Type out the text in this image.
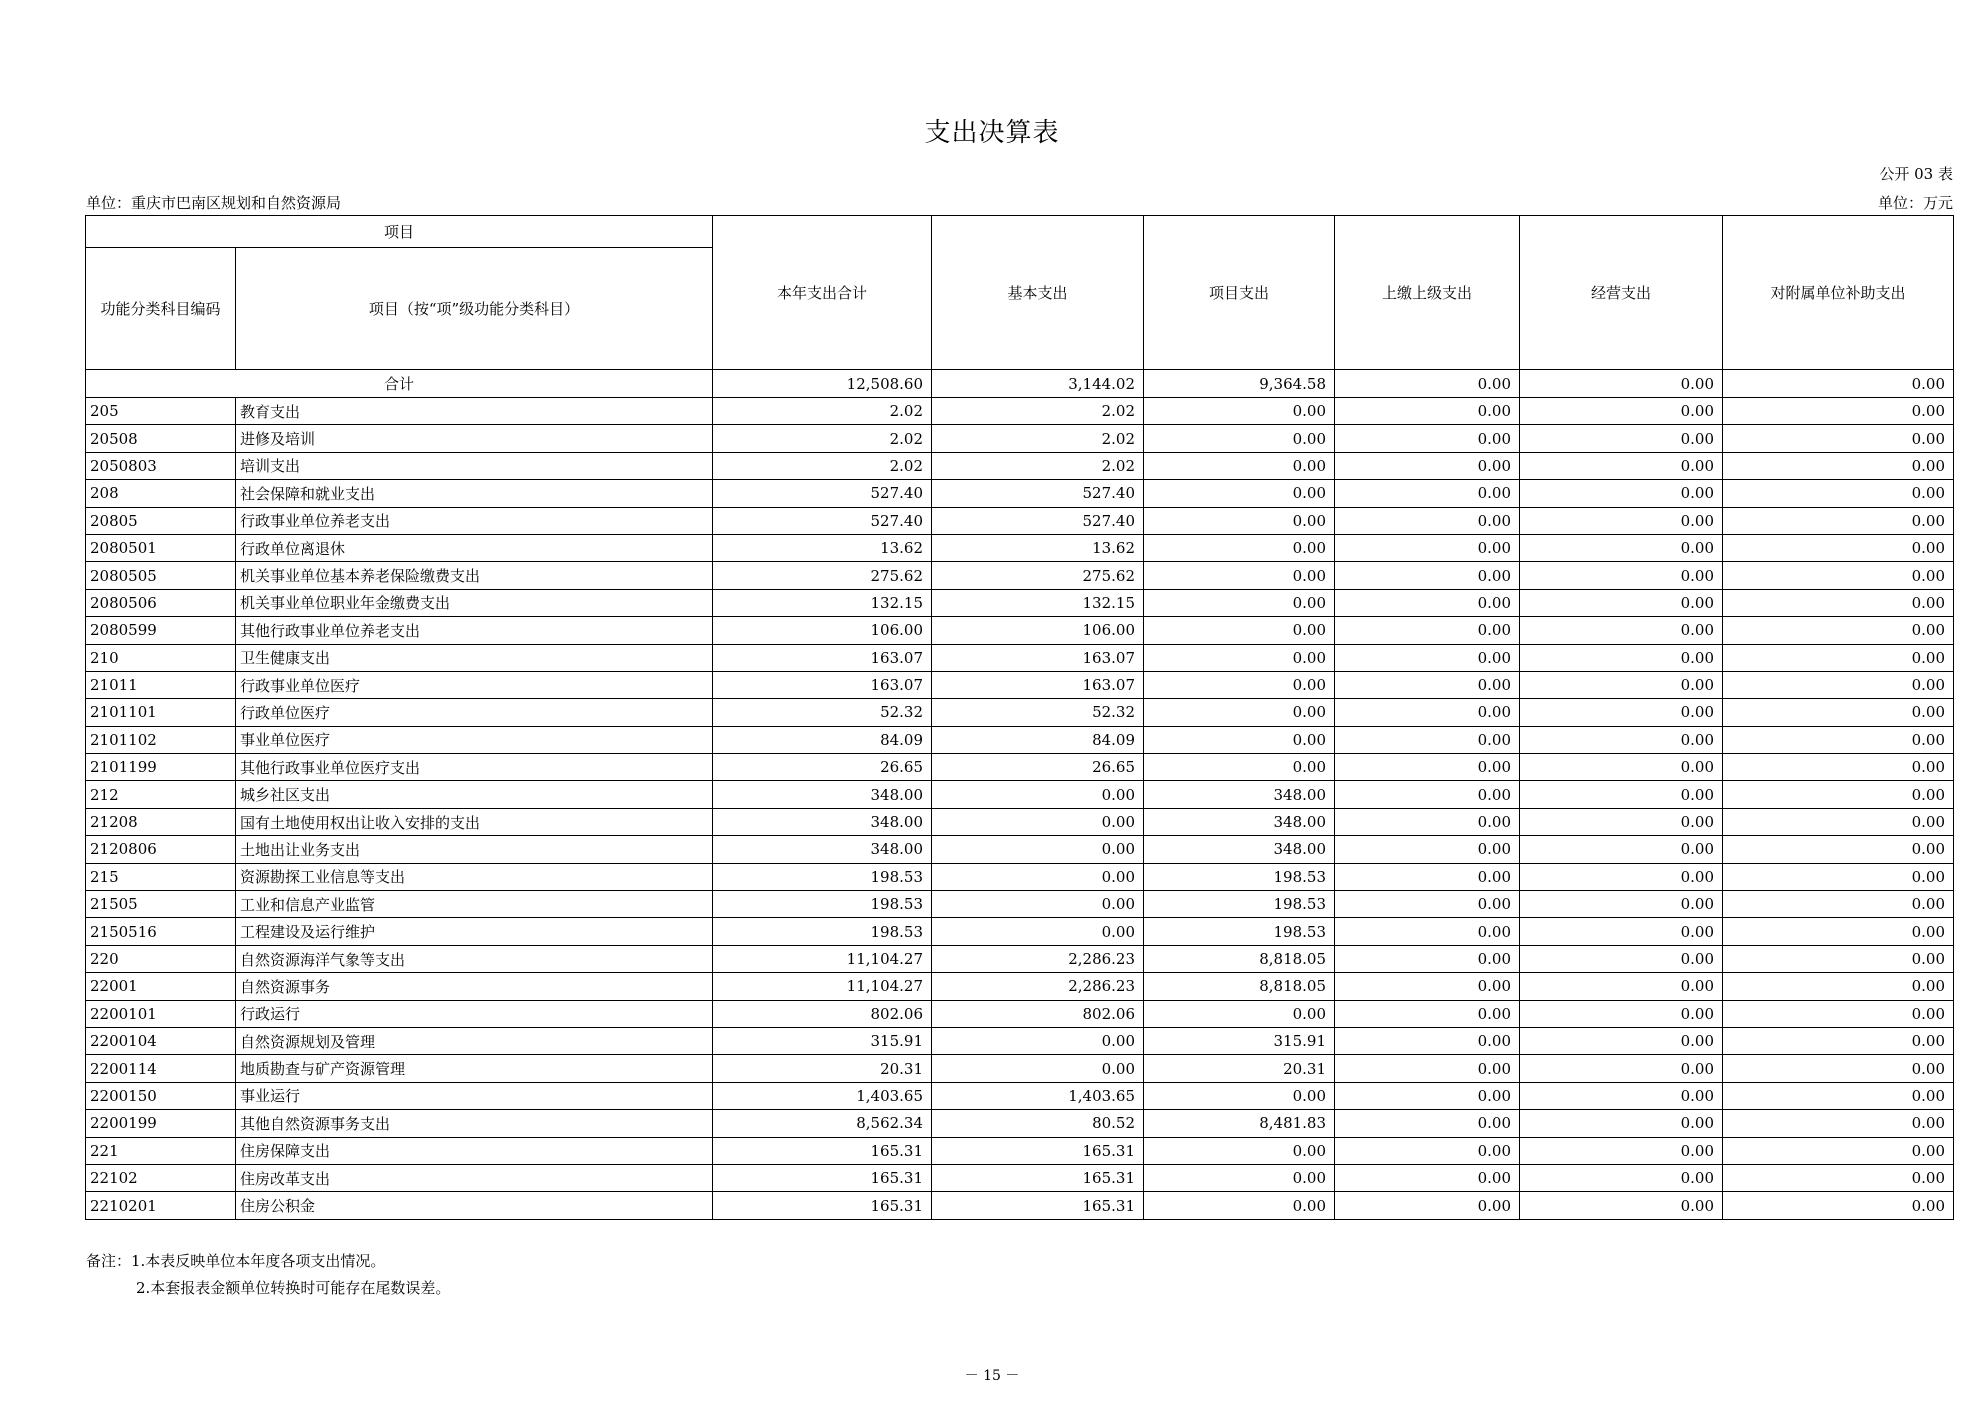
支出决算表
公开 03 表
单位：重庆市巴南区规划和自然资源局	单位：万元
项目		本年支出合计	基本支出	项目支出	上缴上级支出	经营支出	对附属单位补助支出
功能分类科目编码	项目（按“项”级功能分类科目）						
合计		12,508.60	3,144.02	9,364.58	0.00	0.00	0.00
205	教育支出	2.02	2.02	0.00	0.00	0.00	0.00
20508	进修及培训	2.02	2.02	0.00	0.00	0.00	0.00
2050803	培训支出	2.02	2.02	0.00	0.00	0.00	0.00
208	社会保障和就业支出	527.40	527.40	0.00	0.00	0.00	0.00
20805	行政事业单位养老支出	527.40	527.40	0.00	0.00	0.00	0.00
2080501	行政单位离退休	13.62	13.62	0.00	0.00	0.00	0.00
2080505	机关事业单位基本养老保险缴费支出	275.62	275.62	0.00	0.00	0.00	0.00
2080506	机关事业单位职业年金缴费支出	132.15	132.15	0.00	0.00	0.00	0.00
2080599	其他行政事业单位养老支出	106.00	106.00	0.00	0.00	0.00	0.00
210	卫生健康支出	163.07	163.07	0.00	0.00	0.00	0.00
21011	行政事业单位医疗	163.07	163.07	0.00	0.00	0.00	0.00
2101101	行政单位医疗	52.32	52.32	0.00	0.00	0.00	0.00
2101102	事业单位医疗	84.09	84.09	0.00	0.00	0.00	0.00
2101199	其他行政事业单位医疗支出	26.65	26.65	0.00	0.00	0.00	0.00
212	城乡社区支出	348.00	0.00	348.00	0.00	0.00	0.00
21208	国有土地使用权出让收入安排的支出	348.00	0.00	348.00	0.00	0.00	0.00
2120806	土地出让业务支出	348.00	0.00	348.00	0.00	0.00	0.00
215	资源勘探工业信息等支出	198.53	0.00	198.53	0.00	0.00	0.00
21505	工业和信息产业监管	198.53	0.00	198.53	0.00	0.00	0.00
2150516	工程建设及运行维护	198.53	0.00	198.53	0.00	0.00	0.00
220	自然资源海洋气象等支出	11,104.27	2,286.23	8,818.05	0.00	0.00	0.00
22001	自然资源事务	11,104.27	2,286.23	8,818.05	0.00	0.00	0.00
2200101	行政运行	802.06	802.06	0.00	0.00	0.00	0.00
2200104	自然资源规划及管理	315.91	0.00	315.91	0.00	0.00	0.00
2200114	地质勘查与矿产资源管理	20.31	0.00	20.31	0.00	0.00	0.00
2200150	事业运行	1,403.65	1,403.65	0.00	0.00	0.00	0.00
2200199	其他自然资源事务支出	8,562.34	80.52	8,481.83	0.00	0.00	0.00
221	住房保障支出	165.31	165.31	0.00	0.00	0.00	0.00
22102	住房改革支出	165.31	165.31	0.00	0.00	0.00	0.00
2210201	住房公积金	165.31	165.31	0.00	0.00	0.00	0.00
备注：1.本表反映单位本年度各项支出情况。
2.本套报表金额单位转换时可能存在尾数误差。
－ 15 －
